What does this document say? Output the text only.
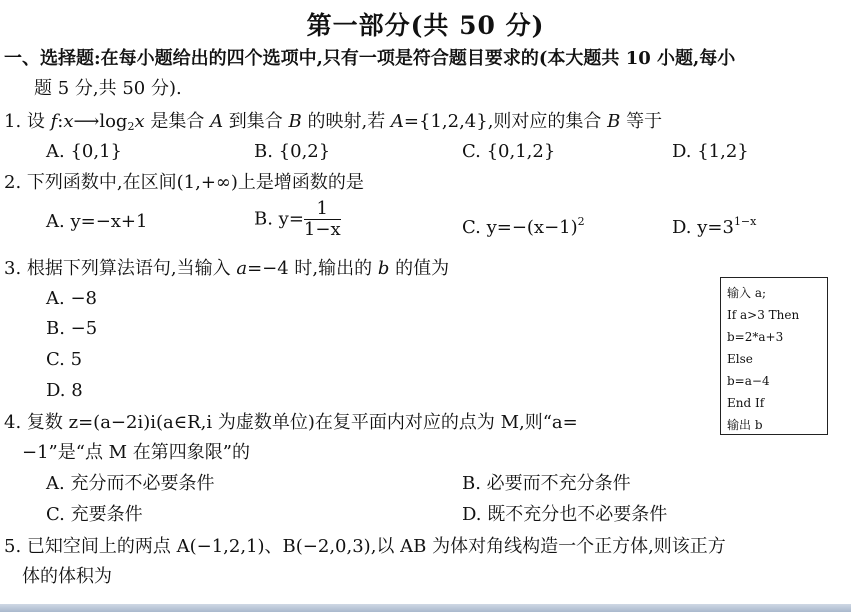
第一部分(共 50 分)
一、选择题:在每小题给出的四个选项中,只有一项是符合题目要求的(本大题共 10 小题,每小
题 5 分,共 50 分).
1. 设 $f:x⟶\log_2x$ 是集合 A 到集合 B 的映射,若 A={1,2,4},则对应的集合 B 等于
A. {0,1}	B. {0,2}	C. {0,1,2}	D. {1,2}
2. 下列函数中,在区间(1,+∞)上是增函数的是
A. y=−x+1	B. $y= \frac{1}{1-x}$	C. $y=-(x-1)^2$	D. $y=3^{1-x}$
3. 根据下列算法语句,当输入 a=−4 时,输出的 b 的值为
A. −8
B. −5
C. 5
D. 8
输入 a;
If a>3 Then
b=2*a+3
Else
b=a−4
End If
输出 b
4. 复数 z=(a−2i)i(a∈R,i 为虚数单位)在复平面内对应的点为 M,则“a=
−1”是“点 M 在第四象限”的
A. 充分而不必要条件	B. 必要而不充分条件
C. 充要条件	D. 既不充分也不必要条件
5. 已知空间上的两点 A(−1,2,1)、B(−2,0,3),以 AB 为体对角线构造一个正方体,则该正方
体的体积为
